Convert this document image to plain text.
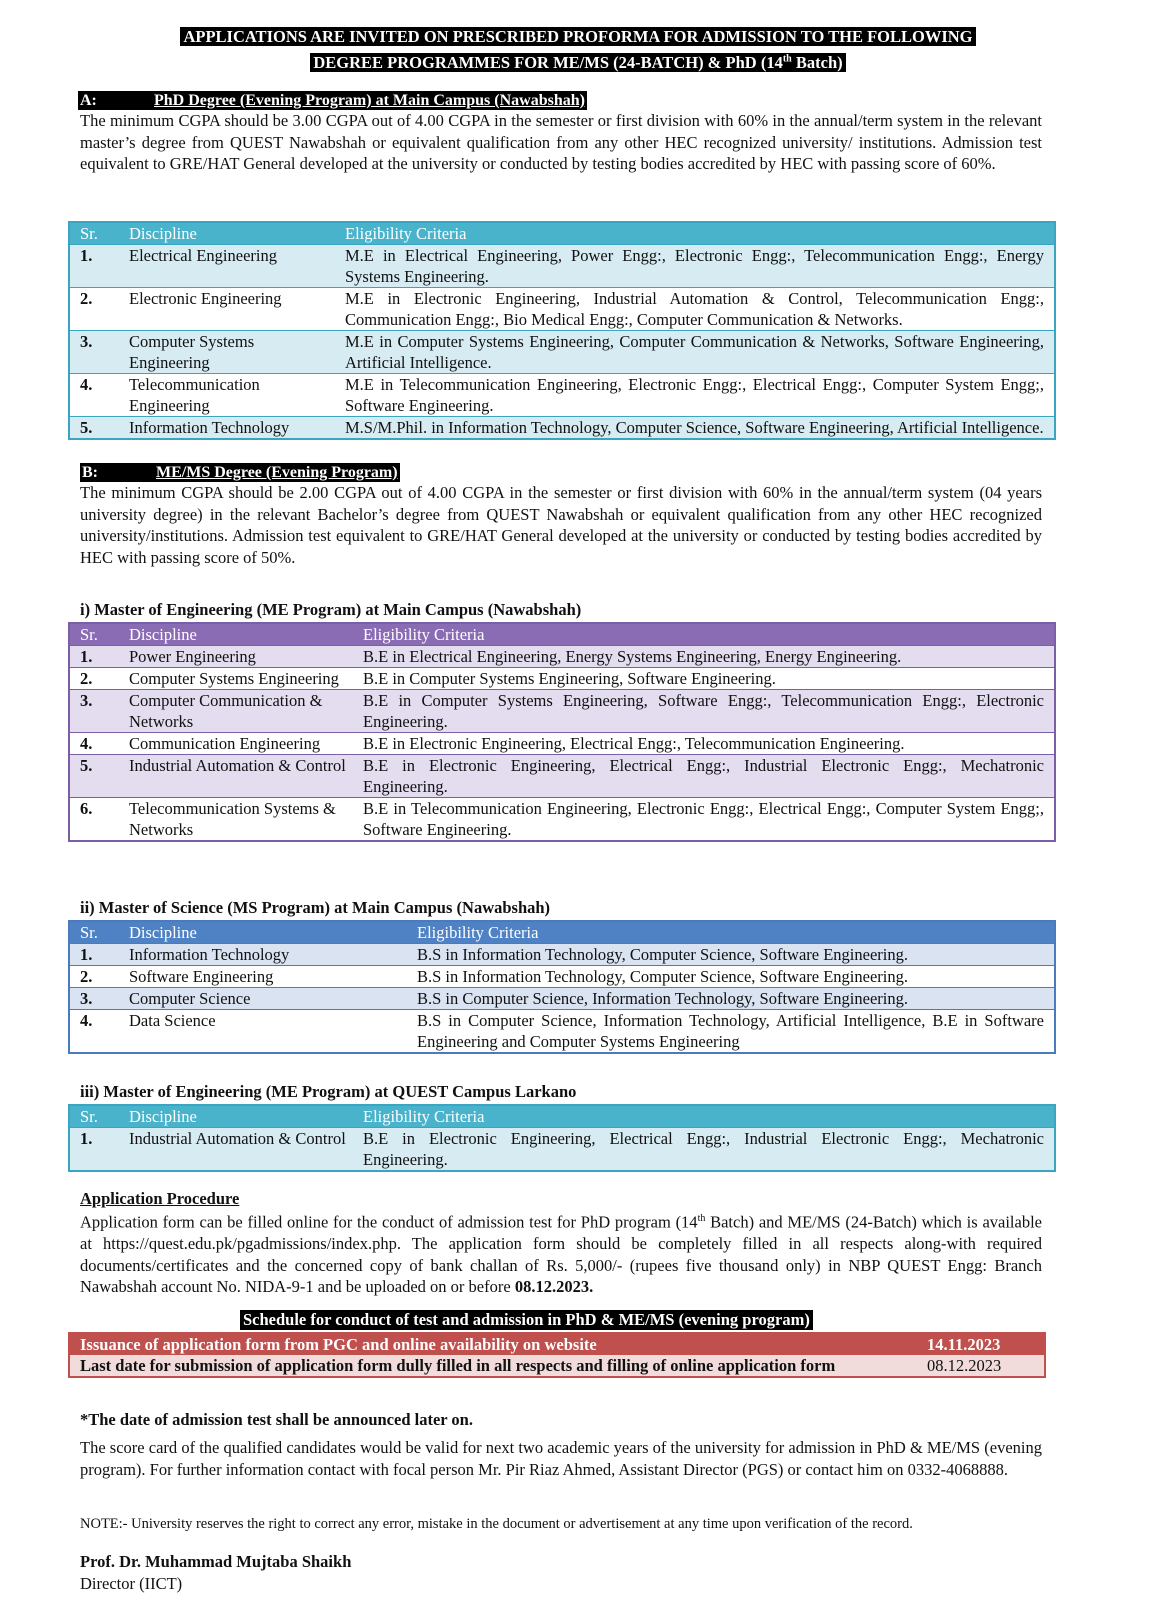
APPLICATIONS ARE INVITED ON PRESCRIBED PROFORMA FOR ADMISSION TO THE FOLLOWING
DEGREE PROGRAMMES FOR ME/MS (24-BATCH) & PhD (14th Batch)
A:	PhD Degree (Evening Program) at Main Campus (Nawabshah)
The minimum CGPA should be 3.00 CGPA out of 4.00 CGPA in the semester or first division with 60% in the annual/term system in the relevant master’s degree from QUEST Nawabshah or equivalent qualification from any other HEC recognized university/ institutions. Admission test equivalent to GRE/HAT General developed at the university or conducted by testing bodies accredited by HEC with passing score of 60%.
Sr.	Discipline	Eligibility Criteria
1.	Electrical Engineering	M.E in Electrical Engineering, Power Engg:, Electronic Engg:, Telecommunication Engg:, Energy Systems Engineering.
2.	Electronic Engineering	M.E in Electronic Engineering, Industrial Automation & Control, Telecommunication Engg:, Communication Engg:, Bio Medical Engg:, Computer Communication & Networks.
3.	Computer Systems Engineering	M.E in Computer Systems Engineering, Computer Communication & Networks, Software Engineering, Artificial Intelligence.
4.	Telecommunication Engineering	M.E in Telecommunication Engineering, Electronic Engg:, Electrical Engg:, Computer System Engg;, Software Engineering.
5.	Information Technology	M.S/M.Phil. in Information Technology, Computer Science, Software Engineering, Artificial Intelligence.
B:	ME/MS Degree (Evening Program)
The minimum CGPA should be 2.00 CGPA out of 4.00 CGPA in the semester or first division with 60% in the annual/term system (04 years university degree) in the relevant Bachelor’s degree from QUEST Nawabshah or equivalent qualification from any other HEC recognized university/institutions. Admission test equivalent to GRE/HAT General developed at the university or conducted by testing bodies accredited by HEC with passing score of 50%.
i) Master of Engineering (ME Program) at Main Campus (Nawabshah)
Sr.	Discipline	Eligibility Criteria
1.	Power Engineering	B.E in Electrical Engineering, Energy Systems Engineering, Energy Engineering.
2.	Computer Systems Engineering	B.E in Computer Systems Engineering, Software Engineering.
3.	Computer Communication & Networks	B.E in Computer Systems Engineering, Software Engg:, Telecommunication Engg:, Electronic Engineering.
4.	Communication Engineering	B.E in Electronic Engineering, Electrical Engg:, Telecommunication Engineering.
5.	Industrial Automation & Control	B.E in Electronic Engineering, Electrical Engg:, Industrial Electronic Engg:, Mechatronic Engineering.
6.	Telecommunication Systems & Networks	B.E in Telecommunication Engineering, Electronic Engg:, Electrical Engg:, Computer System Engg;, Software Engineering.
ii) Master of Science (MS Program) at Main Campus (Nawabshah)
Sr.	Discipline	Eligibility Criteria
1.	Information Technology	B.S in Information Technology, Computer Science, Software Engineering.
2.	Software Engineering	B.S in Information Technology, Computer Science, Software Engineering.
3.	Computer Science	B.S in Computer Science, Information Technology, Software Engineering.
4.	Data Science	B.S in Computer Science, Information Technology, Artificial Intelligence, B.E in Software Engineering and Computer Systems Engineering
iii) Master of Engineering (ME Program) at QUEST Campus Larkano
Sr.	Discipline	Eligibility Criteria
1.	Industrial Automation & Control	B.E in Electronic Engineering, Electrical Engg:, Industrial Electronic Engg:, Mechatronic Engineering.
Application Procedure
Application form can be filled online for the conduct of admission test for PhD program (14th Batch) and ME/MS (24-Batch) which is available at https://quest.edu.pk/pgadmissions/index.php. The application form should be completely filled in all respects along-with required documents/certificates and the concerned copy of bank challan of Rs. 5,000/- (rupees five thousand only) in NBP QUEST Engg: Branch Nawabshah account No. NIDA-9-1 and be uploaded on or before 08.12.2023.
Schedule for conduct of test and admission in PhD & ME/MS (evening program)
Issuance of application form from PGC and online availability on website	14.11.2023
Last date for submission of application form dully filled in all respects and filling of online application form	08.12.2023
*The date of admission test shall be announced later on.
The score card of the qualified candidates would be valid for next two academic years of the university for admission in PhD & ME/MS (evening program). For further information contact with focal person Mr. Pir Riaz Ahmed, Assistant Director (PGS) or contact him on 0332-4068888.
NOTE:- University reserves the right to correct any error, mistake in the document or advertisement at any time upon verification of the record.
Prof. Dr. Muhammad Mujtaba Shaikh
Director (IICT)
